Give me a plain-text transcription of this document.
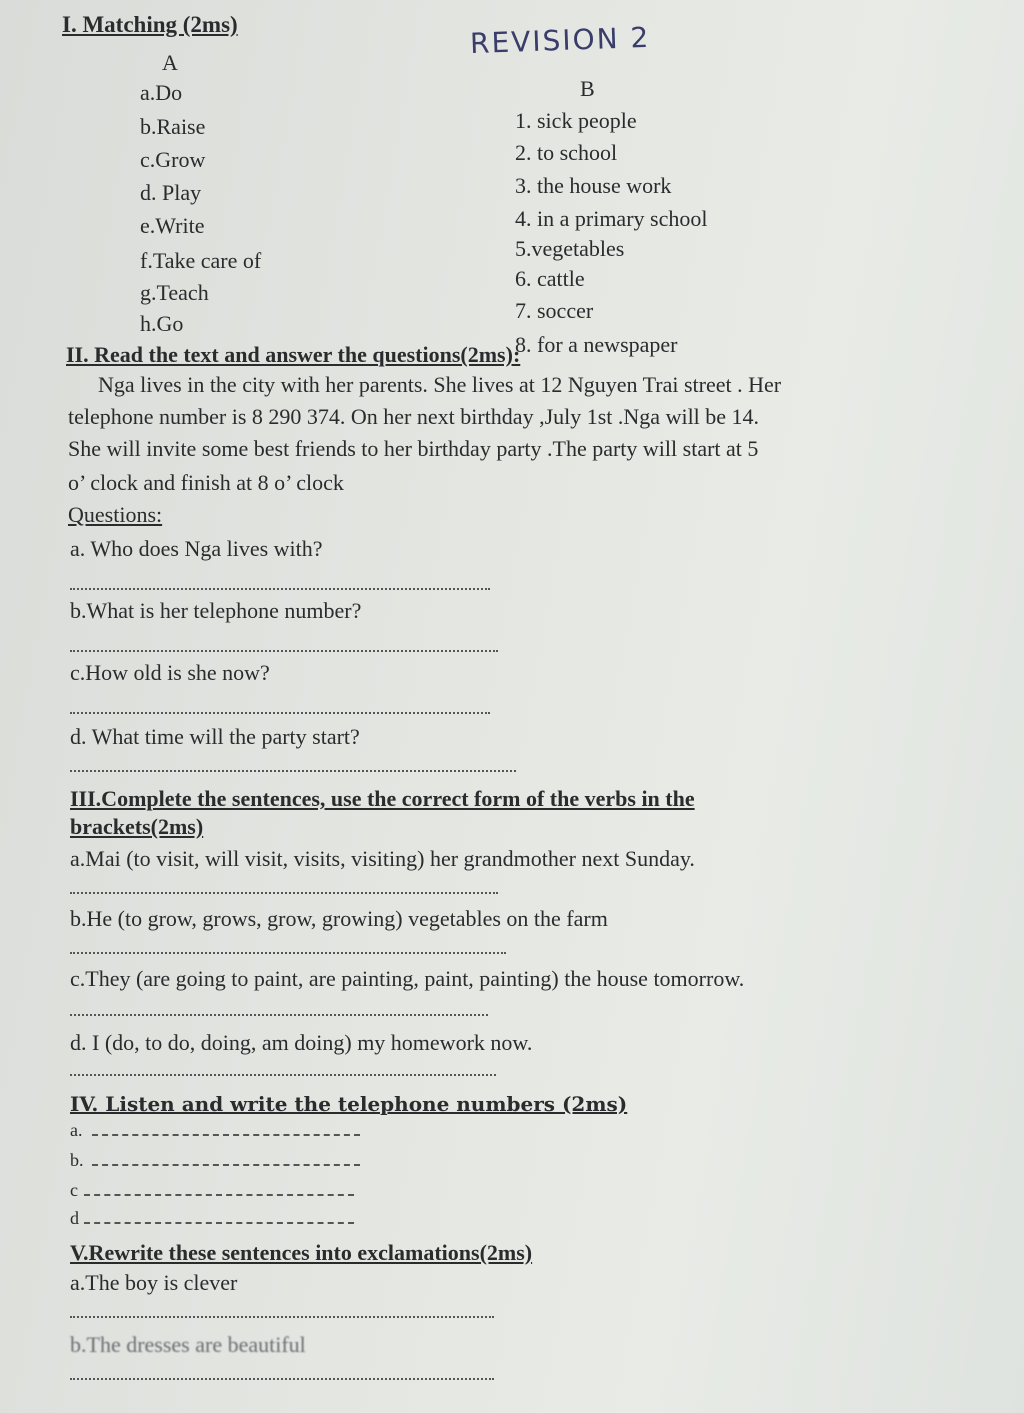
I. Matching (2ms)	REVISION 2
A
B
a.Do
b.Raise
c.Grow
d. Play
e.Write
f.Take care of
g.Teach
h.Go
1. sick people
2. to school
3. the house work
4. in a primary school
5.vegetables
6. cattle
7. soccer
8. for a newspaper
II. Read the text and answer the questions(2ms):
Nga lives in the city with her parents. She lives at 12 Nguyen Trai street . Her
telephone number is 8 290 374. On her next birthday ,July 1st .Nga will be 14.
She will invite some best friends to her birthday party .The party will start at 5
o’ clock and finish at 8 o’ clock
Questions:
a. Who does Nga lives with?
b.What is her telephone number?
c.How old is she now?
d. What time will the party start?
III.Complete the sentences, use the correct form of the verbs in the
brackets(2ms)
a.Mai (to visit, will visit, visits, visiting) her grandmother next Sunday.
b.He (to grow, grows, grow, growing) vegetables on the farm
c.They (are going to paint, are painting, paint, painting) the house tomorrow.
d. I (do, to do, doing, am doing) my homework now.
IV. Listen and write the telephone numbers (2ms)
a.
b.
c
d
V.Rewrite these sentences into exclamations(2ms)
a.The boy is clever
b.The dresses are beautiful
